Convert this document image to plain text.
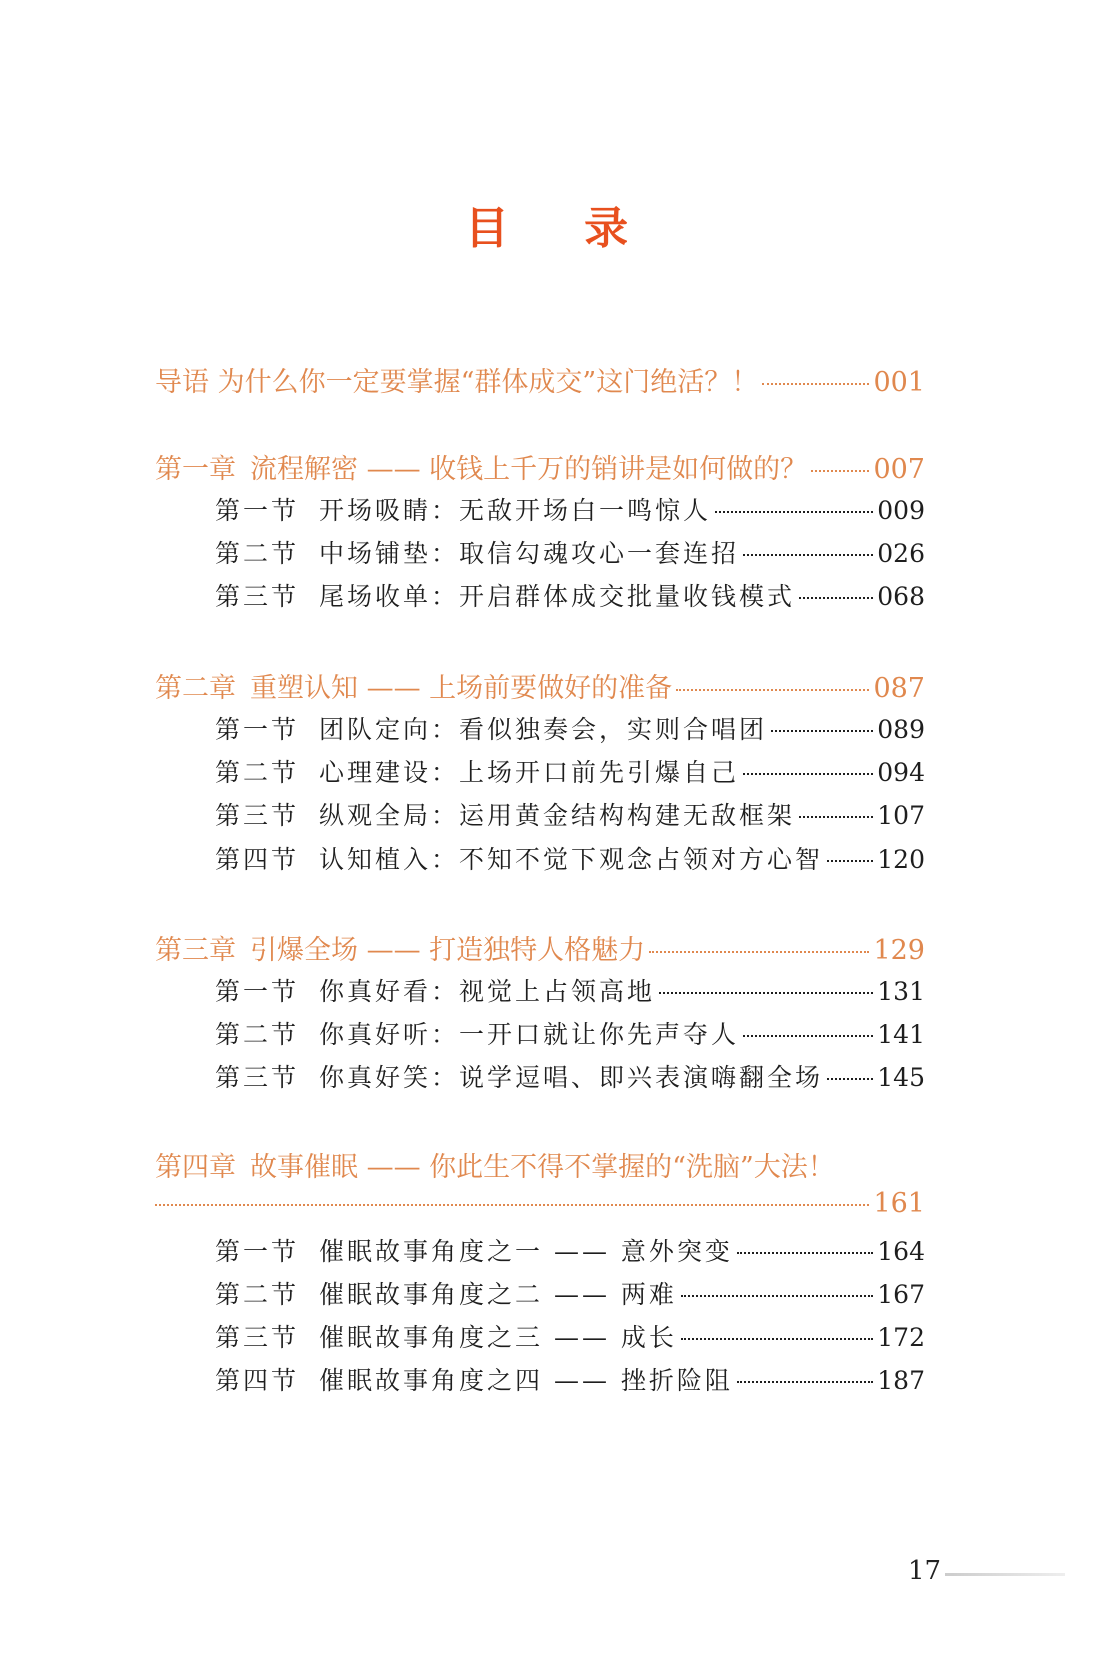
目 录
导语 为什么你一定要掌握“群体成交”这门绝活？！	001
第一章 流程解密 —— 收钱上千万的销讲是如何做的？ 007
第一节 开场吸睛：无敌开场白一鸣惊人	009
第二节 中场铺垫：取信勾魂攻心一套连招	026
第三节 尾场收单：开启群体成交批量收钱模式	068
第二章 重塑认知 —— 上场前要做好的准备	087
第一节 团队定向：看似独奏会，实则合唱团	089
第二节 心理建设：上场开口前先引爆自己	094
第三节 纵观全局：运用黄金结构构建无敌框架	107
第四节 认知植入：不知不觉下观念占领对方心智 120
第三章 引爆全场 —— 打造独特人格魅力	129
第一节 你真好看：视觉上占领高地	131
第二节 你真好听：一开口就让你先声夺人	141
第三节 你真好笑：说学逗唱、即兴表演嗨翻全场 145
第四章 故事催眠 —— 你此生不得不掌握的“洗脑”大法！
161
第一节 催眠故事角度之一 —— 意外突变	164
第二节 催眠故事角度之二 —— 两难	167
第三节 催眠故事角度之三 —— 成长	172
第四节 催眠故事角度之四 —— 挫折险阻	187
17
